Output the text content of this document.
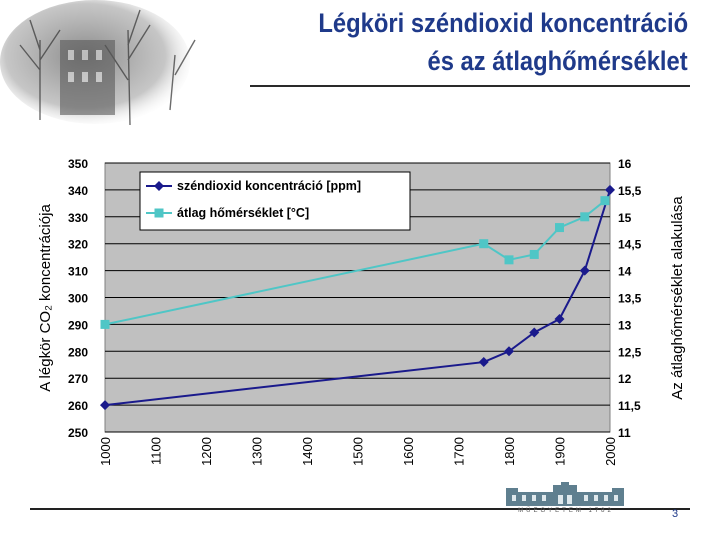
Légköri széndioxid koncentráció
és az átlaghőmérséklet
250
260
270
280
290
300
310
320
330
340
350
11
11,5
12
12,5
13
13,5
14
14,5
15
15,5
16
1000	1100	1200	1300	1400	1500	1600	1700	1800	1900	2000
széndioxid koncentráció [ppm]
átlag hőmérséklet [°C]
A légkör CO₂ koncentrációja	Az átlaghőmérséklet alakulása
MŰEGYETEM 1782	3
